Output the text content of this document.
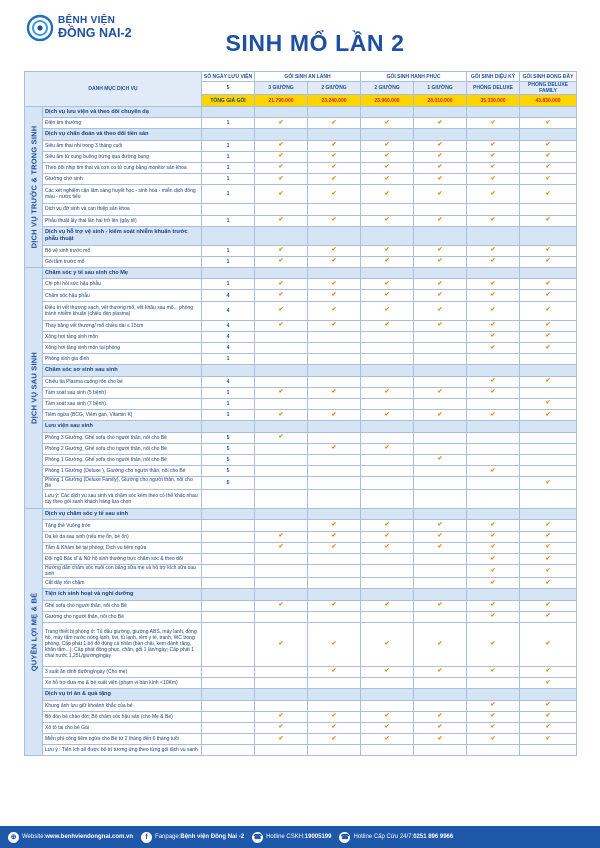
BỆNH VIỆN
ĐỒNG NAI-2	SINH MỔ LẦN 2
DANH MỤC DỊCH VỤ		SỐ NGÀY LƯU VIỆN	GÓI SINH AN LÀNH		GÓI SINH HẠNH PHÚC		GÓI SINH DIỆU KỲ	GÓI SINH ĐONG ĐẦY
		5	3 GIƯỜNG	2 GIƯỜNG	2 GIƯỜNG	1 GIƯỜNG	PHÒNG DELUXE	PHÒNG DELUXE FAMILY
		TỔNG GIÁ GÓI	21.790.000	23.240.000	23.960.000	28.010.000	35.330.000	43.830.000

DỊCH VỤ TRƯỚC & TRONG SINH	Dịch vụ lưu viện và theo dõi chuyển dạ							
	Điện tim thường	1	✔	✔	✔	✔	✔	✔
	Dịch vụ chẩn đoán và theo dõi tiền sản							
	Siêu âm thai nhi trong 3 tháng cuối	1	✔	✔	✔	✔	✔	✔
	Siêu âm từ cung buồng trứng qua đường bụng	1	✔	✔	✔	✔	✔	✔
	Theo dõi nhịp tim thai và cơn co tử cung bằng monitor sản khoa	1	✔	✔	✔	✔	✔	✔
	Giường chờ sinh	1	✔	✔	✔	✔	✔	✔
	Các xét nghiệm cận lâm sàng huyết học - sinh hóa - miễn dịch đông máu - nước tiểu	1	✔	✔	✔	✔	✔	✔
	Dịch vụ đỡ sinh và can thiệp sản khoa							
	Phẫu thuật lấy thai lần hai trở lên (gây tê)	1	✔	✔	✔	✔	✔	✔
	Dịch vụ hỗ trợ vệ sinh - kiểm soát nhiễm khuẩn trước phẫu thuật							
	Bộ vệ sinh trước mổ	1	✔	✔	✔	✔	✔	✔
	Gói tắm trước mổ	1	✔	✔	✔	✔	✔	✔

DỊCH VỤ SAU SINH	Chăm sóc y tế sau sinh cho Mẹ							
	Chi phí hồi sức hậu phẫu	1	✔	✔	✔	✔	✔	✔
	Chăm sóc hậu phẫu	4	✔	✔	✔	✔	✔	✔
	Điều trị vết thương sạch, vết thương mổ, vết khâu sau mổ... phòng tránh nhiễm khuẩn (chiếu đèn plasma)	4	✔	✔	✔	✔	✔	✔
	Thay băng vết thương/ mổ chiều dài ≤ 15cm	4	✔	✔	✔	✔	✔	✔
	Xông hơi tầng sinh môn	4					✔	✔
	Xông hơi tầng sinh môn tại phòng	4					✔	✔
	Phòng sinh gia đình	1						
	Chăm sóc sơ sinh sau sinh							
	Chiếu tia Plasma cuống rốn cho bé	4					✔	✔
	Tầm soát sau sinh (5 bệnh)	1	✔	✔	✔	✔	✔	
	Tầm soát sau sinh (7 bệnh)	1						✔
	Tiêm ngừa (BCG, Viêm gan, Vitamin K)	1	✔	✔	✔	✔	✔	✔
	Lưu viện sau sinh							
	Phòng 3 Giường, Ghế sofa cho người thân, nôi cho Bé	5	✔					
	Phòng 2 Giường, Ghế sofa cho người thân, nôi cho Bé	5		✔	✔			
	Phòng 1 Giường, Ghế sofa cho người thân, nôi cho Bé	5				✔		
	Phòng 1 Giường (Deluxe ), Giường cho người thân, nôi cho Bé	5					✔	
	Phòng 1 Giường (Deluxe Family), Giường cho người thân, nôi cho Bé	5						✔
	Lưu ý: Các dịch vụ sau sinh và chăm sóc kèm theo có thể khác nhau tùy theo gói sanh khách hàng lựa chọn							

QUYỀN LỢI MẸ & BÉ	Dịch vụ chăm sóc y tế sau sinh							
	Tặng thẻ Vuông tròn			✔	✔	✔	✔	✔
	Da kề da sau sinh (nếu mẹ ổn, bé ổn)		✔	✔	✔	✔	✔	✔
	Tắm & Khám bé tại phòng; Dịch vụ tiêm ngừa		✔	✔	✔	✔	✔	✔
	Đội ngũ Bác sĩ & Nữ hộ sinh thường trực chăm sóc & theo dõi						✔	✔
	Hướng dẫn chăm sóc nuôi con bằng sữa mẹ và hỗ trợ kích sữa sau sinh						✔	✔
	Cắt dây rốn chậm						✔	✔
	Tiện ích sinh hoạt và nghỉ dưỡng							
	Ghế sofa cho người thân, nôi cho Bé		✔	✔	✔	✔	✔	✔
	Giường cho người thân, nôi cho Bé						✔	✔
	Trang thiết bị phòng ở: Tủ đầu giường, giường ABS, máy lạnh, đồng hồ, máy tắm nước nóng lạnh, tivi, tủ lạnh, rèm y tế, tranh, WC trong phòng, Cấp phát 1 bộ đồ dùng cá nhân (bàn chải, kem đánh răng, khăn tắm...); Cấp phát đồng phục, chăn, gối 1 lần/ngày; Cấp phát 1 chai nước 1,25L/giường/ngày		✔	✔	✔	✔	✔	✔
	3 suất ăn dinh dưỡng/ngày (Cho mẹ)			✔	✔	✔	✔	✔
	Xe hỗ trợ đưa mẹ & bé xuất viện (phạm vi bán kính <10Km)							✔
	Dịch vụ tri ân & quà tặng							
	Khung ảnh lưu giữ khoảnh khắc của bé						✔	✔
	Bộ đón bé chào đời; Bộ chăm sóc hậu sản (cho Mẹ & Bé)		✔	✔	✔	✔	✔	✔
	Xô tô tai cho bé Gái		✔	✔	✔	✔	✔	✔
	Miễn phí công tiêm ngừa cho Bé từ 2 tháng đến 6 tháng tuổi		✔	✔	✔	✔	✔	✔
	Lưu ý : Tiện ích sẽ được bố trí tương ứng theo từng gói dịch vụ sanh							
⊕ Website: www.benhviendongnai.com.vn	f	Fanpage: Bệnh viện Đồng Nai -2 ☎ Hotline CSKH: 19005199 ☎ Hotline Cấp Cứu 24/7: 0251 896 9966
